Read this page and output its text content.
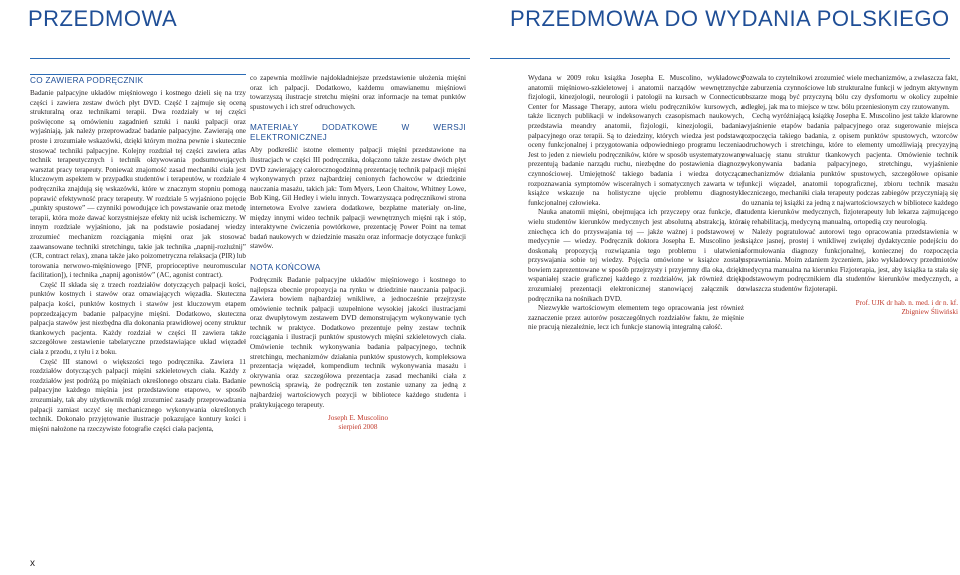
PRZEDMOWA
CO ZAWIERA PODRĘCZNIK

Badanie palpacyjne układów mięśniowego i kostnego dzieli się na trzy części i zawiera zestaw dwóch płyt DVD. Część I zajmuje się oceną strukturalną oraz technikami terapii. Dwa rozdziały w tej części poświęcone są omówieniu zagadnień sztuki i nauki palpacji oraz wyjaśniają, jak należy przeprowadzać badanie palpacyjne. Zawierają one proste i zrozumiałe wskazówki, dzięki którym można pewnie i skutecznie stosować techniki palpacyjne. Kolejny rozdział tej części zawiera atlas technik terapeutycznych i technik oktywowania podsumowujących warsztat pracy terapeuty. Ponieważ znajomość zasad mechaniki ciała jest kluczowym aspektem w przypadku studentów i terapeutów, w rozdziale 4 podręcznika znajdują się wskazówki, które w znacznym stopniu pomogą poprawić efektywność pracy terapeuty. W rozdziale 5 wyjaśniono pojęcie „punkty spustowe” — czynniki powodujące ich powstawanie oraz metodę terapii, która może dawać korzystniejsze efekty niż ucisk ischemiczny. W innym rozdziale wyjaśniono, jak na podstawie posiadanej wiedzy zrozumieć mechanizm rozciągania mięśni oraz jak stosować zaawansowane techniki stretchingu, takie jak technika „napnij-rozluźnij” (CR, contract relax), znana także jako poizometryczna relaksacja (PIR) lub torowania nerwowo-mięśniowego [PNF, proprioceptive neuromuscular facilitation]), i technika „napnij agonistów” (AC, agonist contract).

Część II składa się z trzech rozdziałów dotyczących palpacji kości, punktów kostnych i stawów oraz omawiających więzadła. Skuteczna palpacja kości, punktów kostnych i stawów jest kluczowym etapem poprzedzającym badanie palpacyjne mięśni. Dodatkowo, skuteczna palpacja stawów jest niezbędna dla dokonania prawidłowej oceny struktur tkankowych pacjenta. Każdy rozdział w części II zawiera także szczegółowe zestawienie tabelaryczne przedstawiające układ więzadeł ciała z przodu, z tyłu i z boku.

Część III stanowi o większości tego podręcznika. Zawiera 11 rozdziałów dotyczących palpacji mięśni szkieletowych ciała. Każdy z rozdziałów jest podróżą po mięśniach określonego obszaru ciała. Badanie palpacyjne każdego mięśnia jest przedstawione etapowo, w sposób zrozumiały, tak aby użytkownik mógł zrozumieć zasady przeprowadzania palpacji zamiast uczyć się mechanicznego wykonywania określonych technik. Dokonało przyjętowanie ilustracje pokazujące kontury kości i mięśni nałożone na rzeczywiste fotografie części ciała pacjenta,

co zapewnia możliwie najdokładniejsze przedstawienie ułożenia mięśni oraz ich palpacji. Dodatkowo, każdemu omawianemu mięśniowi towarzyszą ilustracje stretchu mięśni oraz informacje na temat punktów spustowych i ich stref odruchowych.

MATERIAŁY DODATKOWE W WERSJI ELEKTRONICZNEJ

Aby podkreślić istotne elementy palpacji mięśni przedstawione na ilustracjach w części III podręcznika, dołączono także zestaw dwóch płyt DVD zawierający całorocznogodzinną prezentację technik palpacji mięśni wykonywanych przez najbardziej cenionych fachowców w dziedzinie nauczania masażu, takich jak: Tom Myers, Leon Chaitow, Whitney Lowe, Bob King, Gil Hedley i wielu innych. Towarzysząca podręcznikowi strona internetowa Evolve zawiera dodatkowe, bezpłatne materiały on-line, między innymi wideo technik palpacji wewnętrznych mięśni rąk i stóp, interaktywne ćwiczenia powtórkowe, prezentację Power Point na temat badań naukowych w dziedzinie masażu oraz informacje dotyczące funkcji stawów.

NOTA KOŃCOWA

Podręcznik Badanie palpacyjne układów mięśniowego i kostnego to najlepsza obecnie propozycja na rynku w dziedzinie nauczania palpacji. Zawiera bowiem najbardziej wnikliwe, a jednocześnie przejrzyste omówienie technik palpacji uzupełnione wysokiej jakości ilustracjami oraz dwupłytowym zestawem DVD demonstrującym wykonywanie tych technik w praktyce. Dodatkowo prezentuje pełny zestaw technik rozciągania i ilustracji punktów spustowych mięśni szkieletowych ciała. Omówienie technik wykonywania badania palpacyjnego, technik stretchingu, mechanizmów działania punktów spustowych, kompleksowa prezentacja więzadeł, kompendium technik wykonywania masażu i okrywania oraz szczegółowa prezentacja zasad mechaniki ciała z pewnością sprawią, że podręcznik ten zostanie uznany za jedną z najbardziej wartościowych pozycji w bibliotece każdego studenta i praktykującego terapeuty.

Joseph E. Muscolino
sierpień 2008
x
PRZEDMOWA DO WYDANIA POLSKIEGO

Wydana w 2009 roku książka Josepha E. Muscolino, wykładowcy anatomii mięśniowo-szkieletowej i anatomii narządów wewnętrznych, fizjologii, kinezjologii, neurologii i patologii na kursach w Connecticut Center for Massage Therapy, autora wielu podręczników kursowych, a także licznych publikacji w indeksowanych czasopismach naukowych, przedstawia meandry anatomii, fizjologii, kinezjologii, badania palpacyjnego oraz terapii. Są to dziedziny, których wiedza jest podstawą oceny funkcjonalnej i przygotowania odpowiedniego programu leczenia. Jest to jeden z niewielu podręczników, które w sposób usystematyzowany prezentują badanie narządu ruchu, niezbędne do postawienia diagnozy czynnościowej. Umiejętność takiego badania i wiedza dotycząca rozpoznawania symptomów wisceralnych i somatycznych zawarta w tej książce wskazuje na holistyczne ujęcie problemu diagnostyki funkcjonalnej człowieka.

Nauka anatomii mięśni, obejmująca ich przyczepy oraz funkcje, dla wielu studentów kierunków medycznych jest absolutną abstrakcją, która zniechęca ich do przyswajania tej — jakże ważnej i podstawowej w medycynie — wiedzy. Podręcznik doktora Josepha E. Muscolino jest doskonałą propozycją rozwiązania tego problemu i ułatwienia przyswajania sobie tej wiedzy. Pojęcia omówione w książce zostały bowiem zaprezentowane w sposób przejrzysty i przyjemny dla oka, dzięki wspaniałej szacie graficznej każdego z rozdziałów, jak również dzięki zrozumiałej prezentacji elektronicznej stanowiącej załącznik do podręcznika na nośnikach DVD.

Niezwykłe wartościowym elementem tego opracowania jest również zaznaczenie przez autorów poszczególnych rozdziałów faktu, że mięśnie nie pracują niezależnie, lecz ich funkcje stanowią integralną całość.

Pozwala to czytelnikowi zrozumieć wiele mechanizmów, a zwłaszcza fakt, że zaburzenia czynnościowe lub strukturalne funkcji w jednym aktywnym obszarze mogą być przyczyną bólu czy dysfomortu w okolicy zupełnie odległej, jak ma to miejsce w tzw. bólu przeniesionym czy rzutowanym.

Cechą wyróżniającą książkę Josepha E. Muscolino jest także klarowne wyjaśnienie etapów badania palpacyjnego oraz sugerowanie miejsca rozpoczęcia takiego badania, z opisem punktów spustowych, wzorców odruchowych i stretchingu, które to elementy umożliwiają precyzyjną ewaluację stanu struktur tkankowych pacjenta. Omówienie technik wykonywania badania palpacyjnego, stretchingu, wyjaśnienie mechanizmów działania punktów spustowych, szczegółowe opisanie funkcji więzadeł, anatomii topograficznej, zbioru technik masażu leczniczego, mechaniki ciała terapeuty podczas zabiegów przyczyniają się do uznania tej książki za jedną z najwartościowszych w bibliotece każdego studenta kierunków medycznych, fizjoterapeuty lub lekarza zajmującego się rehabilitacją, medycyną manualną, ortopedią czy neurologią.

Należy pogratulować autorowi tego opracowania przedstawienia w książce jasnej, prostej i wnikliwej zwięzłej dydaktycznie podejściu do sformułowania diagnozy funkcjonalnej, koniecznej do rozpoczęcia usprawniania. Moim zdaniem życzeniem, jako wykładowcy przedmiotów medycyna manualna na kierunku Fizjoterapia, jest, aby książka ta stała się podstawowym podręcznikiem dla studentów kierunków medycznych, a zwłaszcza studentów fizjoterapii.

Prof. UJK dr hab. n. med. i dr n. kf.
Zbigniew Śliwiński
